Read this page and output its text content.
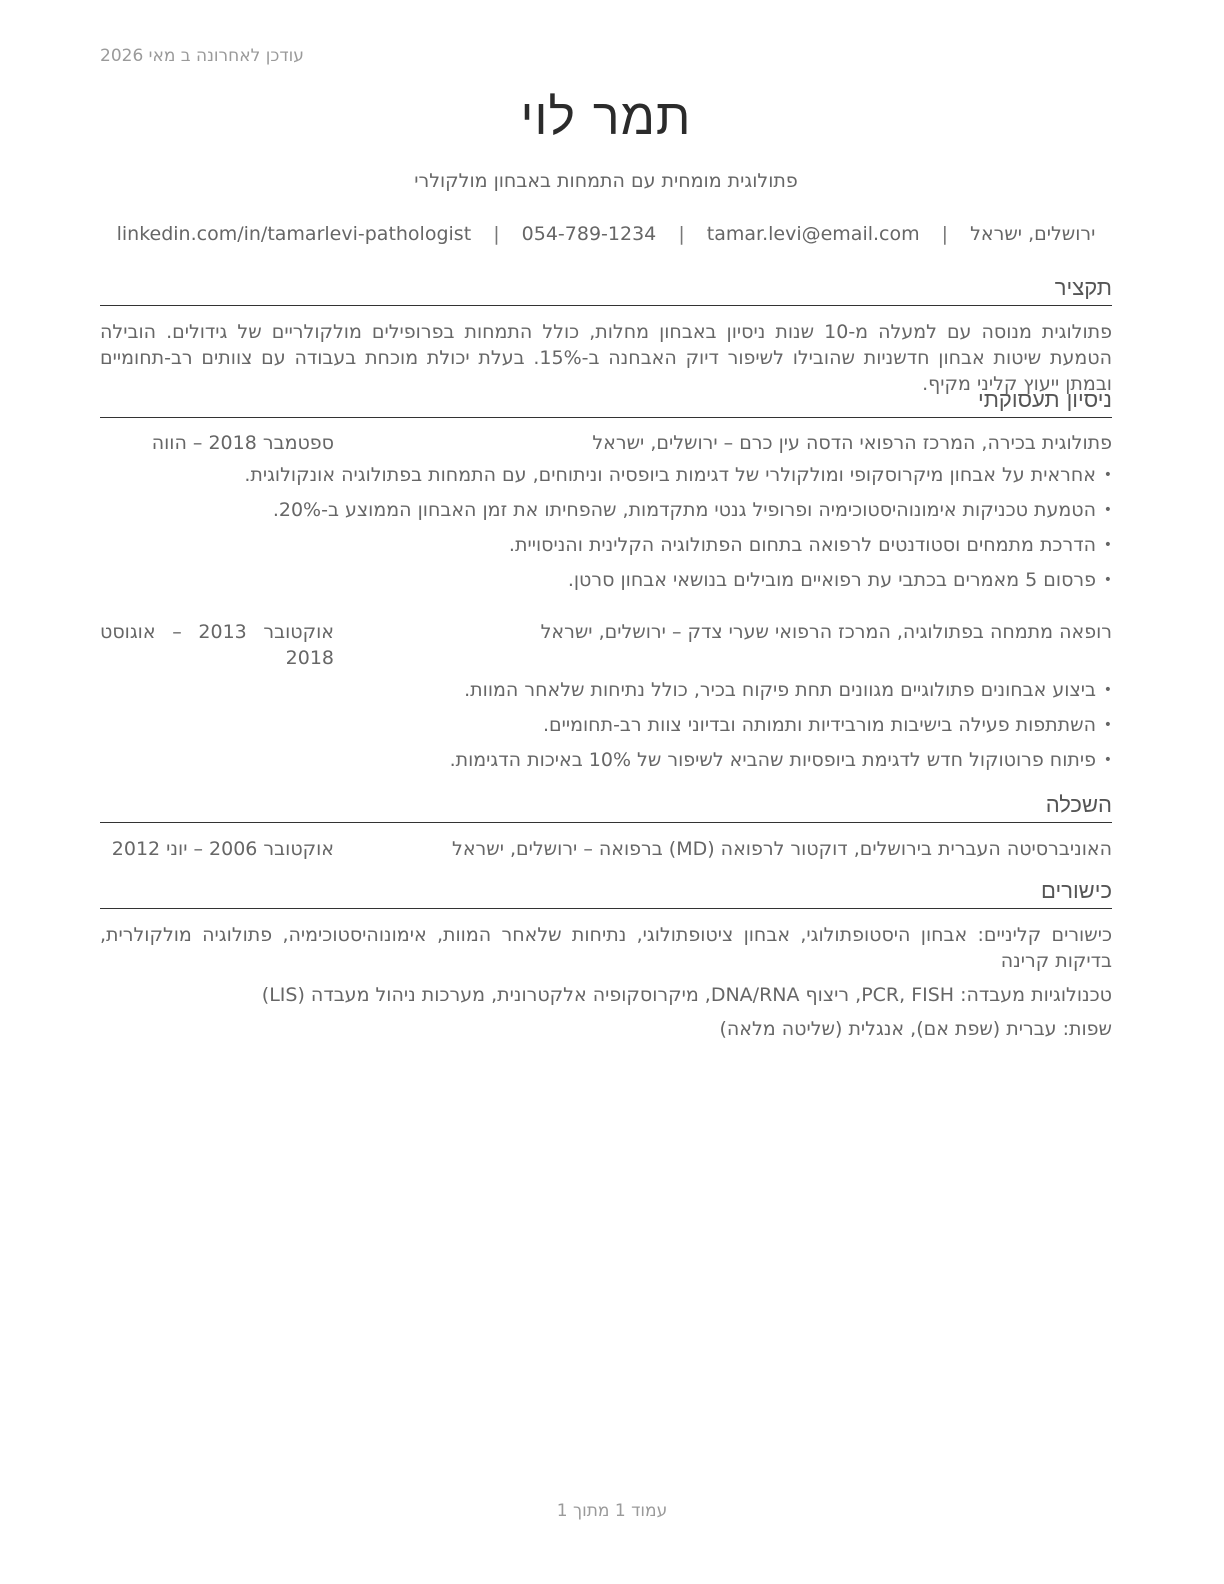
עודכן לאחרונה ב מאי 2026
תמר לוי
פתולוגית מומחית עם התמחות באבחון מולקולרי
ירושלים, ישראל | tamar.levi@email.com | 054-789-1234 | linkedin.com/in/tamarlevi-pathologist
תקציר
פתולוגית מנוסה עם למעלה מ-10 שנות ניסיון באבחון מחלות, כולל התמחות בפרופילים מולקולריים של גידולים. הובילה הטמעת שיטות אבחון חדשניות שהובילו לשיפור דיוק האבחנה ב-15%. בעלת יכולת מוכחת בעבודה עם צוותים רב-תחומיים ובמתן ייעוץ קליני מקיף.
ניסיון תעסוקתי
פתולוגית בכירה, המרכז הרפואי הדסה עין כרם – ירושלים, ישראל
ספטמבר 2018 – הווה
• אחראית על אבחון מיקרוסקופי ומולקולרי של דגימות ביופסיה וניתוחים, עם התמחות בפתולוגיה אונקולוגית.
• הטמעת טכניקות אימונוהיסטוכימיה ופרופיל גנטי מתקדמות, שהפחיתו את זמן האבחון הממוצע ב-20%.
• הדרכת מתמחים וסטודנטים לרפואה בתחום הפתולוגיה הקלינית והניסויית.
• פרסום 5 מאמרים בכתבי עת רפואיים מובילים בנושאי אבחון סרטן.
רופאה מתמחה בפתולוגיה, המרכז הרפואי שערי צדק – ירושלים, ישראל
אוקטובר 2013 – אוגוסט 2018
• ביצוע אבחונים פתולוגיים מגוונים תחת פיקוח בכיר, כולל נתיחות שלאחר המוות.
• השתתפות פעילה בישיבות מורבידיות ותמותה ובדיוני צוות רב-תחומיים.
• פיתוח פרוטוקול חדש לדגימת ביופסיות שהביא לשיפור של 10% באיכות הדגימות.
השכלה
האוניברסיטה העברית בירושלים, דוקטור לרפואה (MD) ברפואה – ירושלים, ישראל
אוקטובר 2006 – יוני 2012
כישורים
כישורים קליניים: אבחון היסטופתולוגי, אבחון ציטופתולוגי, נתיחות שלאחר המוות, אימונוהיסטוכימיה, פתולוגיה מולקולרית, בדיקות קרינה
טכנולוגיות מעבדה: PCR, FISH, ריצוף DNA/RNA, מיקרוסקופיה אלקטרונית, מערכות ניהול מעבדה (LIS)
שפות: עברית (שפת אם), אנגלית (שליטה מלאה)
עמוד 1 מתוך 1
